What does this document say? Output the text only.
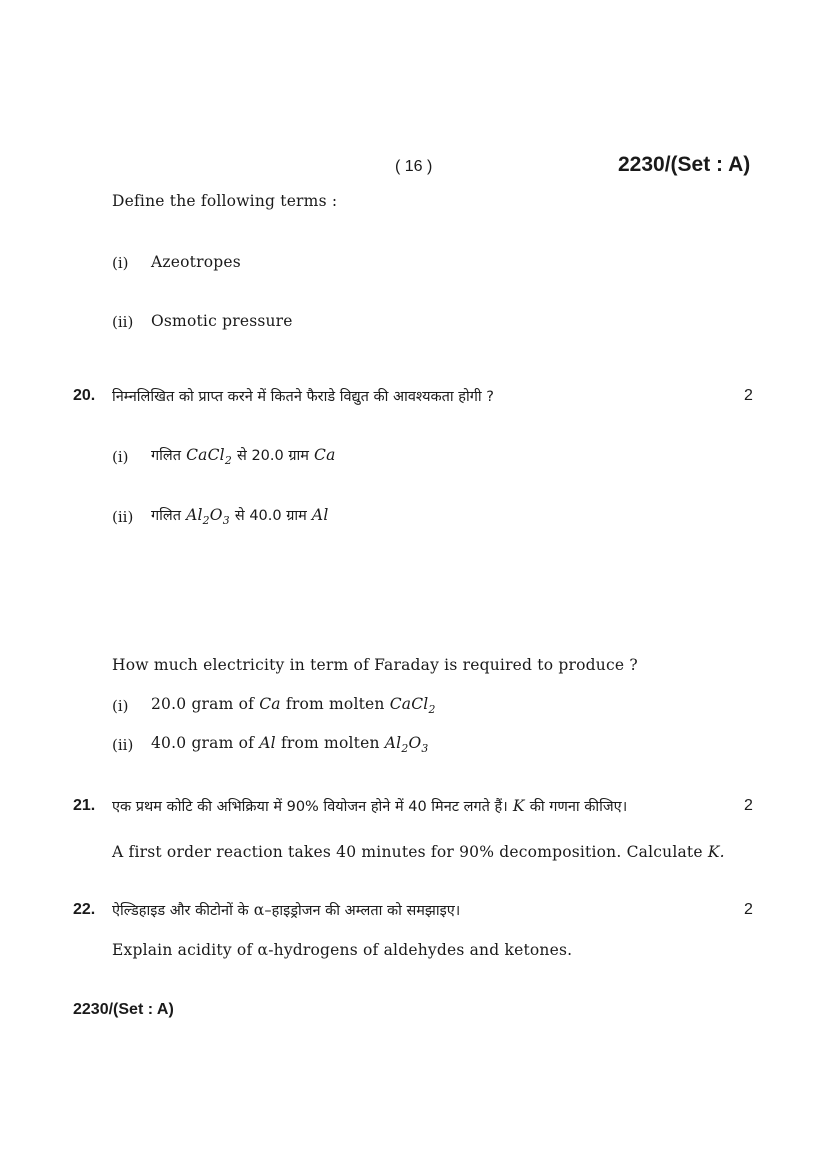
( 16 )	2230/(Set : A)
Define the following terms :
(i) Azeotropes
(ii) Osmotic pressure
20. निम्नलिखित को प्राप्त करने में कितने फैराडे विद्युत की आवश्यकता होगी ?	2
(i) गलित CaCl$_2$ से 20.0 ग्राम Ca
(ii) गलित $Al_2O_3$ से 40.0 ग्राम Al
How much electricity in term of Faraday is required to produce ?
(i) 20.0 gram of Ca from molten CaCl$_2$
(ii) 40.0 gram of Al from molten $Al_2O_3$
21. एक प्रथम कोटि की अभिक्रिया में 90% वियोजन होने में 40 मिनट लगते हैं। K की गणना कीजिए।	2
A first order reaction takes 40 minutes for 90% decomposition. Calculate K.
22. ऐल्डिहाइड और कीटोनों के α–हाइड्रोजन की अम्लता को समझाइए।	2
Explain acidity of α-hydrogens of aldehydes and ketones.
2230/(Set : A)
